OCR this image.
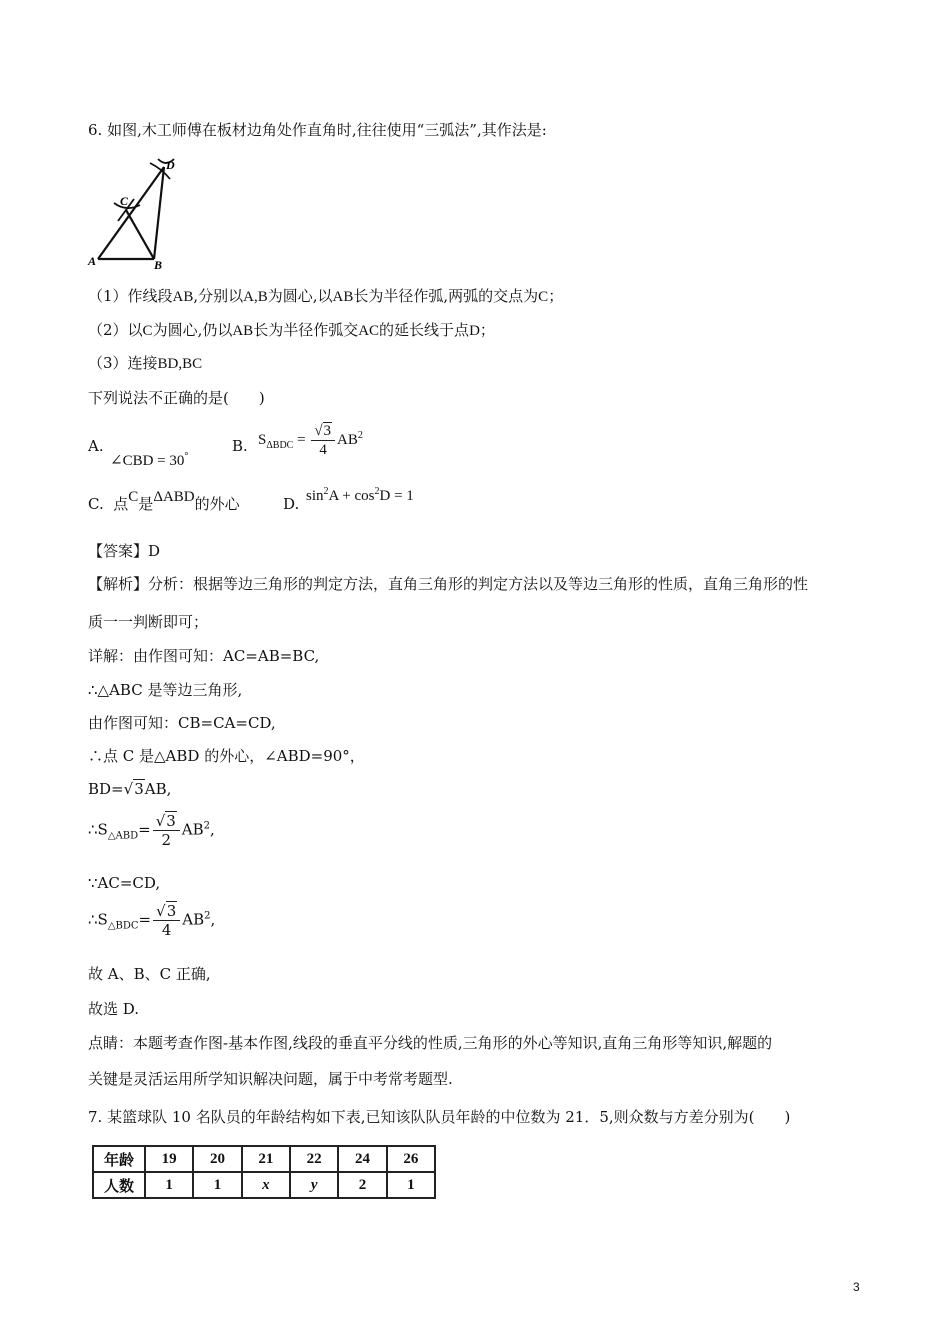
6. 如图,木工师傅在板材边角处作直角时,往往使用“三弧法”,其作法是:
A	B
C
D
（1）作线段AB,分别以A,B为圆心,以AB长为半径作弧,两弧的交点为C；
（2）以C为圆心,仍以AB长为半径作弧交AC的延长线于点D；
（3）连接BD,BC
下列说法不正确的是(　　)
A.
∠CBD = 30°
B. $S_{\Delta BDC} = \frac{√3}{4} AB^2$
C. 点C是ΔABD的外心	D. $\sin^2A + \cos^2D = 1$
【答案】D
【解析】分析：根据等边三角形的判定方法，直角三角形的判定方法以及等边三角形的性质，直角三角形的性
质一一判断即可；
详解：由作图可知：AC=AB=BC,
∴△ABC 是等边三角形,
由作图可知：CB=CA=CD,
∴点 C 是△ABD 的外心，∠ABD=90°，
BD=√3AB,
$\therefore S_{\triangle ABD}= \frac{√3}{2} AB^2$,
∵AC=CD,
$\therefore S_{\triangle BDC}= \frac{√3}{4} AB^2$,
故 A、B、C 正确,
故选 D.
点睛：本题考查作图-基本作图,线段的垂直平分线的性质,三角形的外心等知识,直角三角形等知识,解题的
关键是灵活运用所学知识解决问题，属于中考常考题型.
7. 某篮球队 10 名队员的年龄结构如下表,已知该队队员年龄的中位数为 21．5,则众数与方差分别为(　　)
年龄	19	20	21	22	24	26
人数	1	1	x	y	2	1
3
